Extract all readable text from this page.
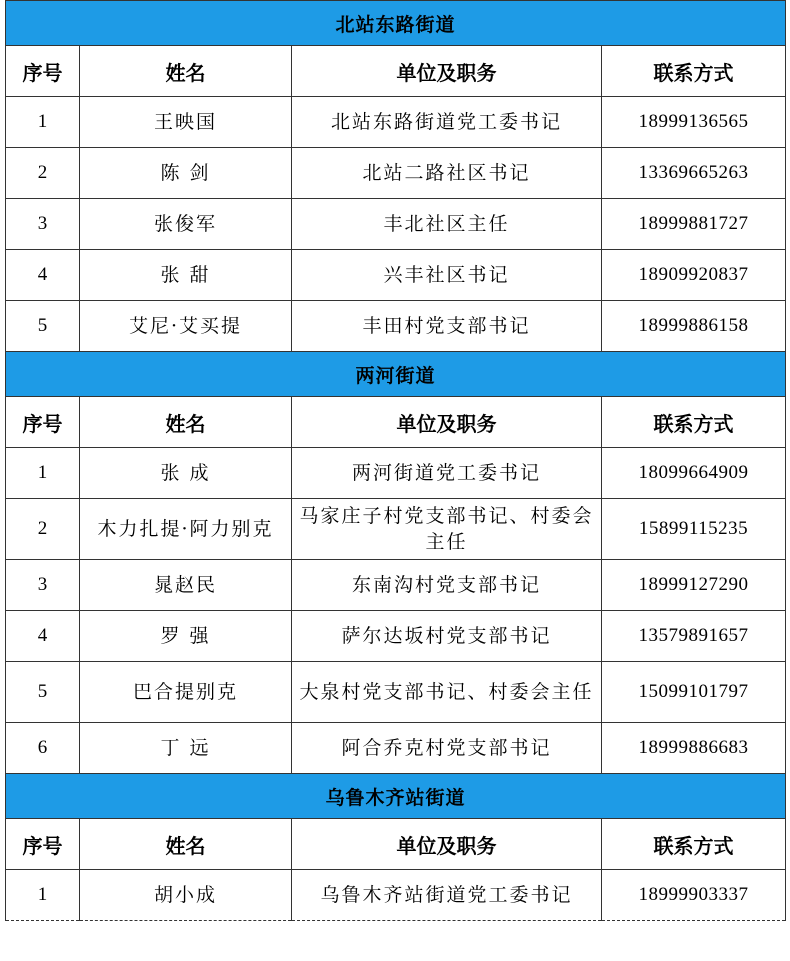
北站东路街道			
序号	姓名	单位及职务	联系方式
1	王映国	北站东路街道党工委书记	18999136565
2	陈 剑	北站二路社区书记	13369665263
3	张俊军	丰北社区主任	18999881727
4	张 甜	兴丰社区书记	18909920837
5	艾尼·艾买提	丰田村党支部书记	18999886158
两河街道			
序号	姓名	单位及职务	联系方式
1	张 成	两河街道党工委书记	18099664909
2	木力扎提·阿力别克	马家庄子村党支部书记、村委会主任	15899115235
3	晁赵民	东南沟村党支部书记	18999127290
4	罗 强	萨尔达坂村党支部书记	13579891657
5	巴合提别克	大泉村党支部书记、村委会主任	15099101797
6	丁 远	阿合乔克村党支部书记	18999886683
乌鲁木齐站街道			
序号	姓名	单位及职务	联系方式
1	胡小成	乌鲁木齐站街道党工委书记	18999903337
